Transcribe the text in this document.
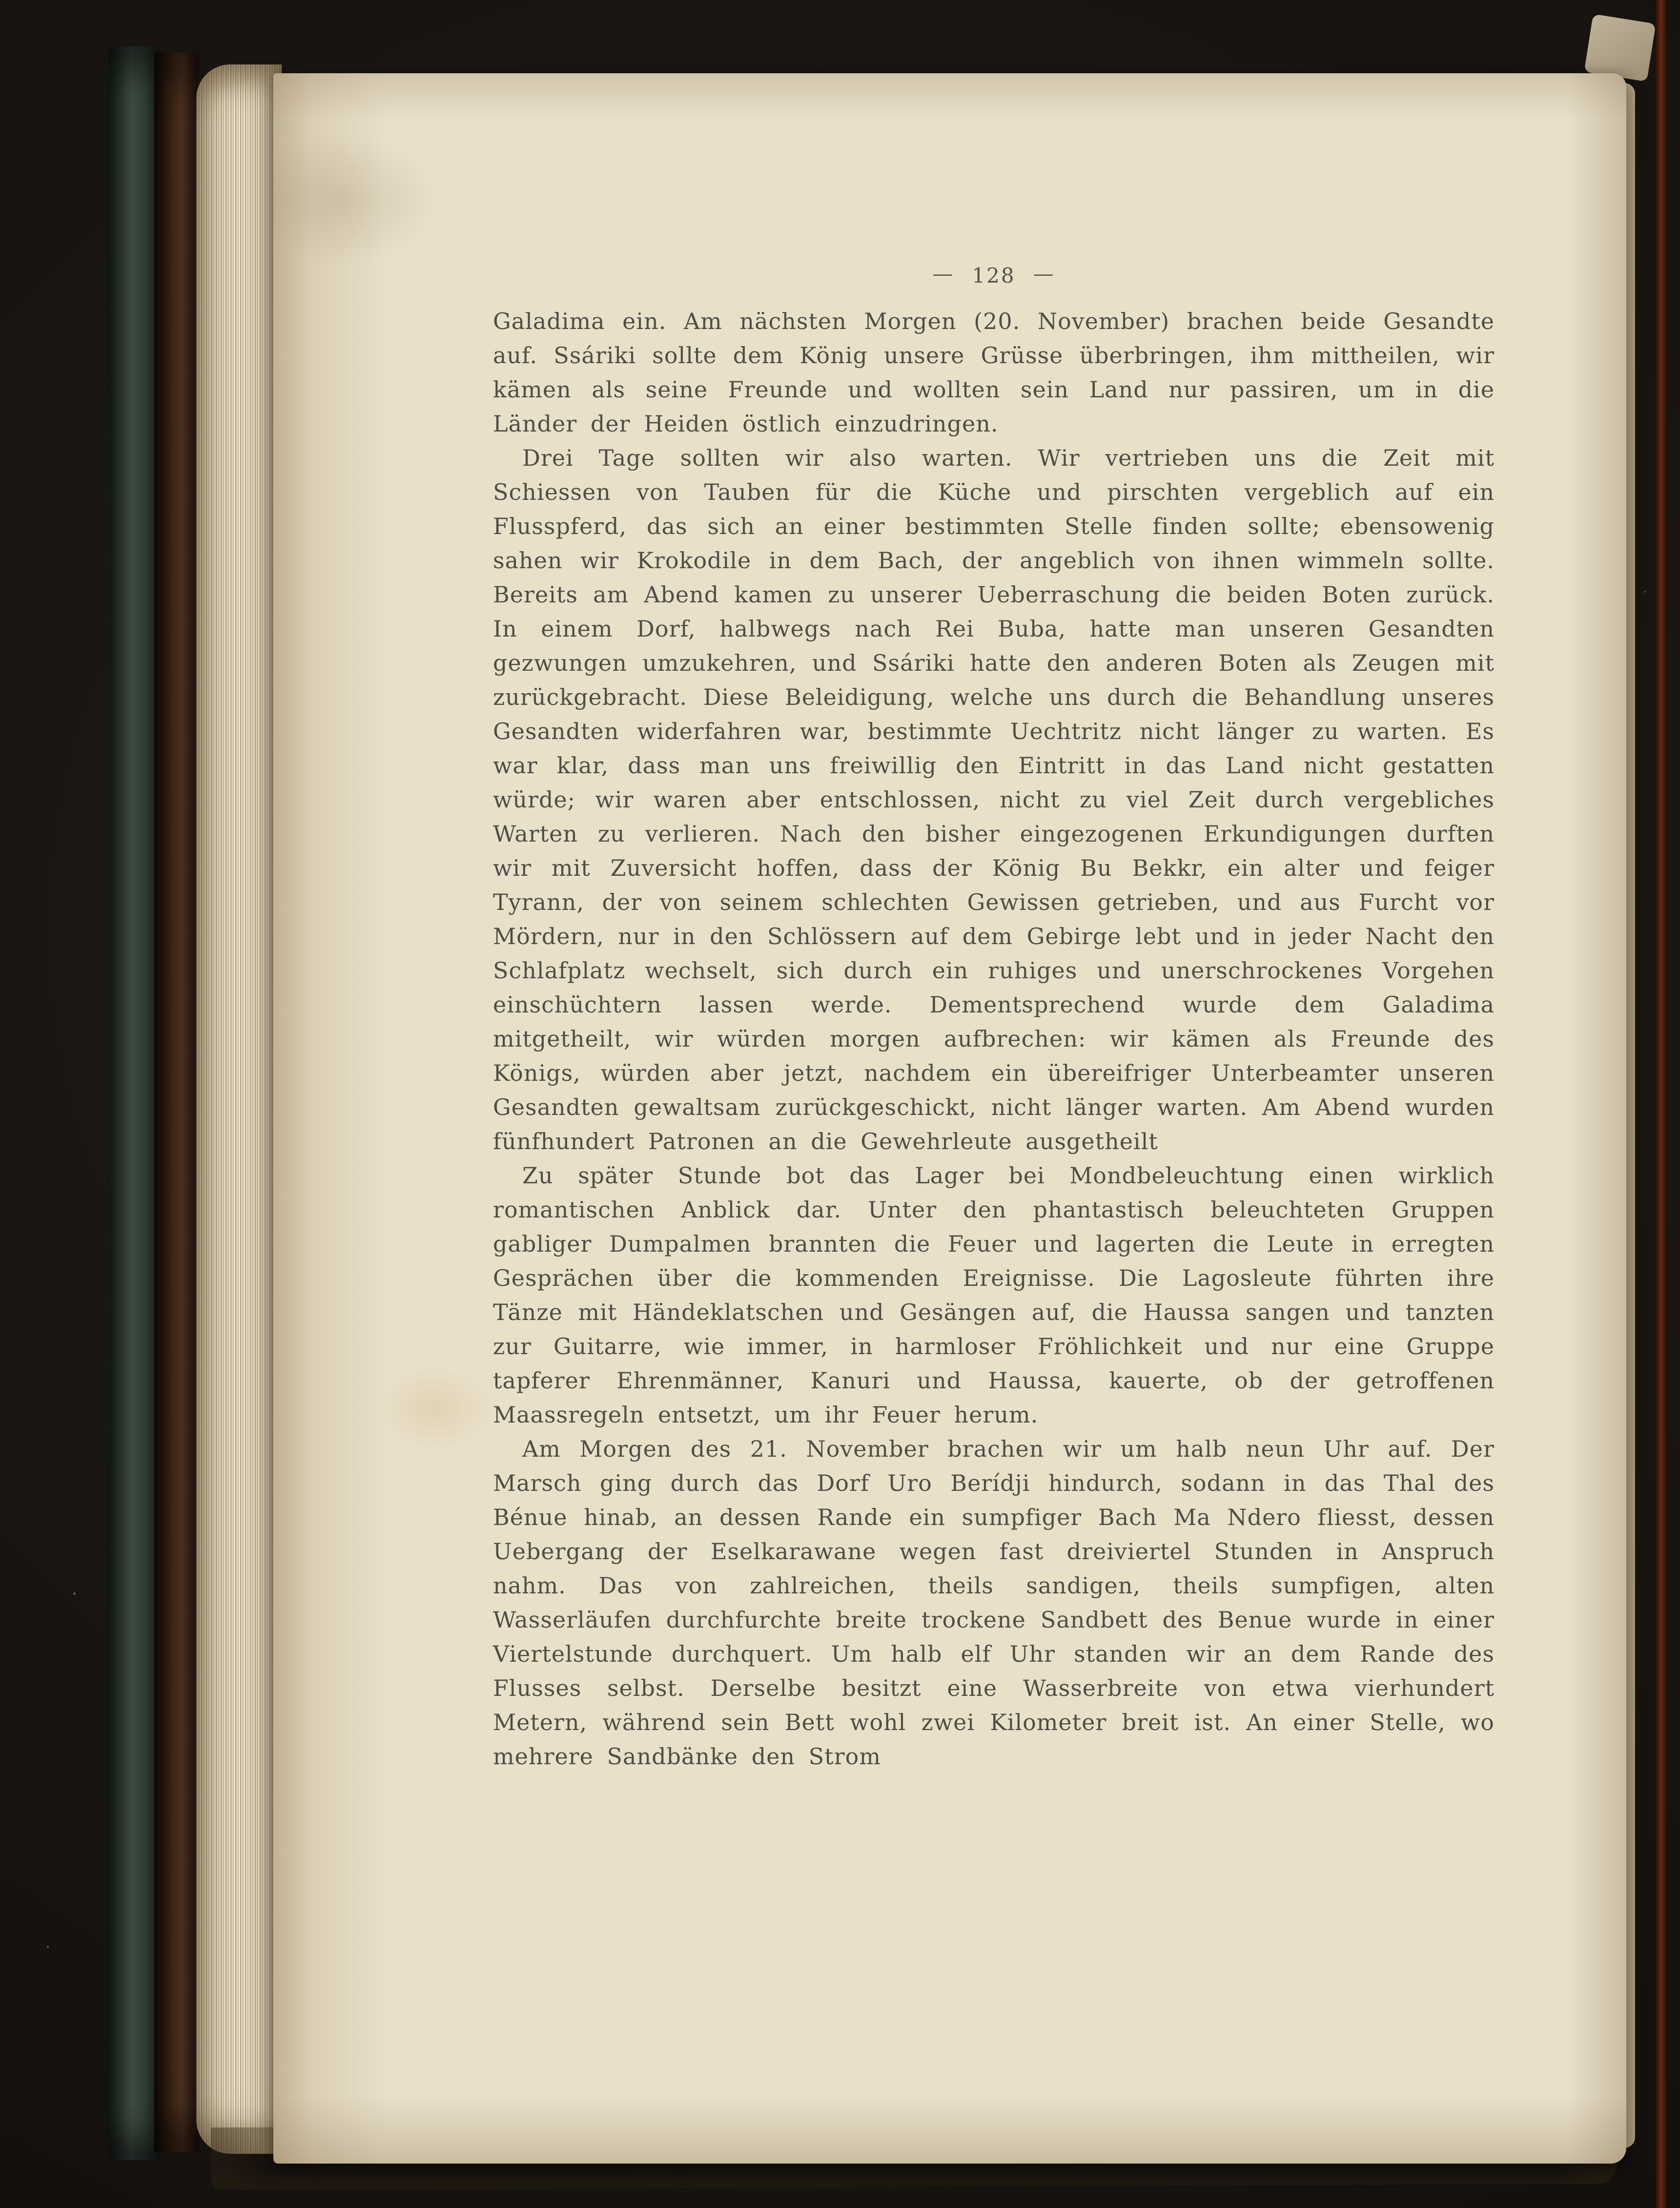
— 128 —

Galadima ein. Am nächsten Morgen (20. November) brachen beide Gesandte auf. Ssáriki sollte dem König unsere Grüsse überbringen, ihm mittheilen, wir kämen als seine Freunde und wollten sein Land nur passiren, um in die Länder der Heiden östlich einzudringen.

Drei Tage sollten wir also warten. Wir vertrieben uns die Zeit mit Schiessen von Tauben für die Küche und pirschten vergeblich auf ein Flusspferd, das sich an einer bestimmten Stelle finden sollte; ebensowenig sahen wir Krokodile in dem Bach, der angeblich von ihnen wimmeln sollte. Bereits am Abend kamen zu unserer Ueberraschung die beiden Boten zurück. In einem Dorf, halbwegs nach Rei Buba, hatte man unseren Gesandten gezwungen umzukehren, und Ssáriki hatte den anderen Boten als Zeugen mit zurückgebracht. Diese Beleidigung, welche uns durch die Behandlung unseres Gesandten widerfahren war, bestimmte Uechtritz nicht länger zu warten. Es war klar, dass man uns freiwillig den Eintritt in das Land nicht gestatten würde; wir waren aber entschlossen, nicht zu viel Zeit durch vergebliches Warten zu verlieren. Nach den bisher eingezogenen Erkundigungen durften wir mit Zuversicht hoffen, dass der König Bu Bekkr, ein alter und feiger Tyrann, der von seinem schlechten Gewissen getrieben, und aus Furcht vor Mördern, nur in den Schlössern auf dem Gebirge lebt und in jeder Nacht den Schlafplatz wechselt, sich durch ein ruhiges und unerschrockenes Vorgehen einschüchtern lassen werde. Dementsprechend wurde dem Galadima mitgetheilt, wir würden morgen aufbrechen: wir kämen als Freunde des Königs, würden aber jetzt, nachdem ein übereifriger Unterbeamter unseren Gesandten gewaltsam zurückgeschickt, nicht länger warten. Am Abend wurden fünfhundert Patronen an die Gewehrleute ausgetheilt

Zu später Stunde bot das Lager bei Mondbeleuchtung einen wirklich romantischen Anblick dar. Unter den phantastisch beleuchteten Gruppen gabliger Dumpalmen brannten die Feuer und lagerten die Leute in erregten Gesprächen über die kommenden Ereignisse. Die Lagosleute führten ihre Tänze mit Händeklatschen und Gesängen auf, die Haussa sangen und tanzten zur Guitarre, wie immer, in harmloser Fröhlichkeit und nur eine Gruppe tapferer Ehrenmänner, Kanuri und Haussa, kauerte, ob der getroffenen Maassregeln entsetzt, um ihr Feuer herum.

Am Morgen des 21. November brachen wir um halb neun Uhr auf. Der Marsch ging durch das Dorf Uro Berídji hindurch, sodann in das Thal des Bénue hinab, an dessen Rande ein sumpfiger Bach Ma Ndero fliesst, dessen Uebergang der Eselkarawane wegen fast dreiviertel Stunden in Anspruch nahm. Das von zahlreichen, theils sandigen, theils sumpfigen, alten Wasserläufen durchfurchte breite trockene Sandbett des Benue wurde in einer Viertelstunde durchquert. Um halb elf Uhr standen wir an dem Rande des Flusses selbst. Derselbe besitzt eine Wasserbreite von etwa vierhundert Metern, während sein Bett wohl zwei Kilometer breit ist. An einer Stelle, wo mehrere Sandbänke den Strom
